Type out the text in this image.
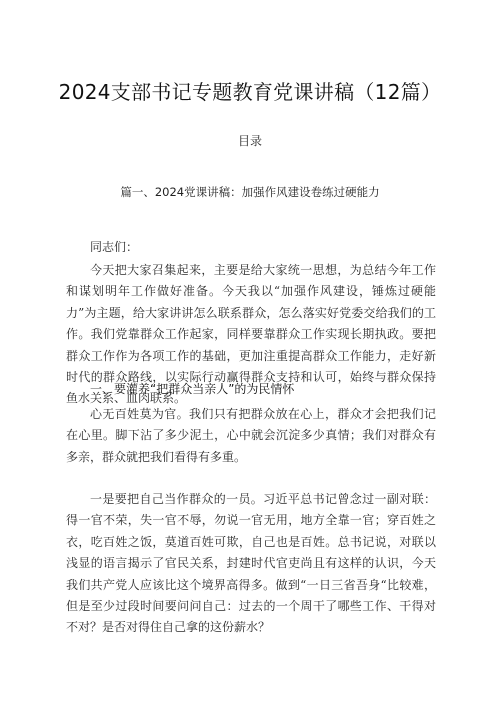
2024支部书记专题教育党课讲稿（12篇）
目录
篇一、2024党课讲稿：加强作风建设卷练过硬能力
同志们：

今天把大家召集起来，主要是给大家统一思想，为总结今年工作和谋划明年工作做好准备。今天我以“加强作风建设，锤炼过硬能力”为主题，给大家讲讲怎么联系群众，怎么落实好党委交给我们的工作。我们党靠群众工作起家，同样要靠群众工作实现长期执政。要把群众工作作为各项工作的基础，更加注重提高群众工作能力，走好新时代的群众路线，以实际行动赢得群众支持和认可，始终与群众保持鱼水关系、血肉联系。

一、要灌养“把群众当亲人”的为民情怀

心无百姓莫为官。我们只有把群众放在心上，群众才会把我们记在心里。脚下沾了多少泥土，心中就会沉淀多少真情；我们对群众有多亲，群众就把我们看得有多重。

一是要把自己当作群众的一员。习近平总书记曾念过一副对联：得一官不荣，失一官不辱，勿说一官无用，地方全靠一官；穿百姓之衣，吃百姓之饭，莫道百姓可欺，自己也是百姓。总书记说，对联以浅显的语言揭示了官民关系，封建时代官吏尚且有这样的认识，今天我们共产党人应该比这个境界高得多。做到“一日三省吾身“比较难，但是至少过段时间要问问自己：过去的一个周干了哪些工作、干得对不对？是否对得住自己拿的这份薪水？
